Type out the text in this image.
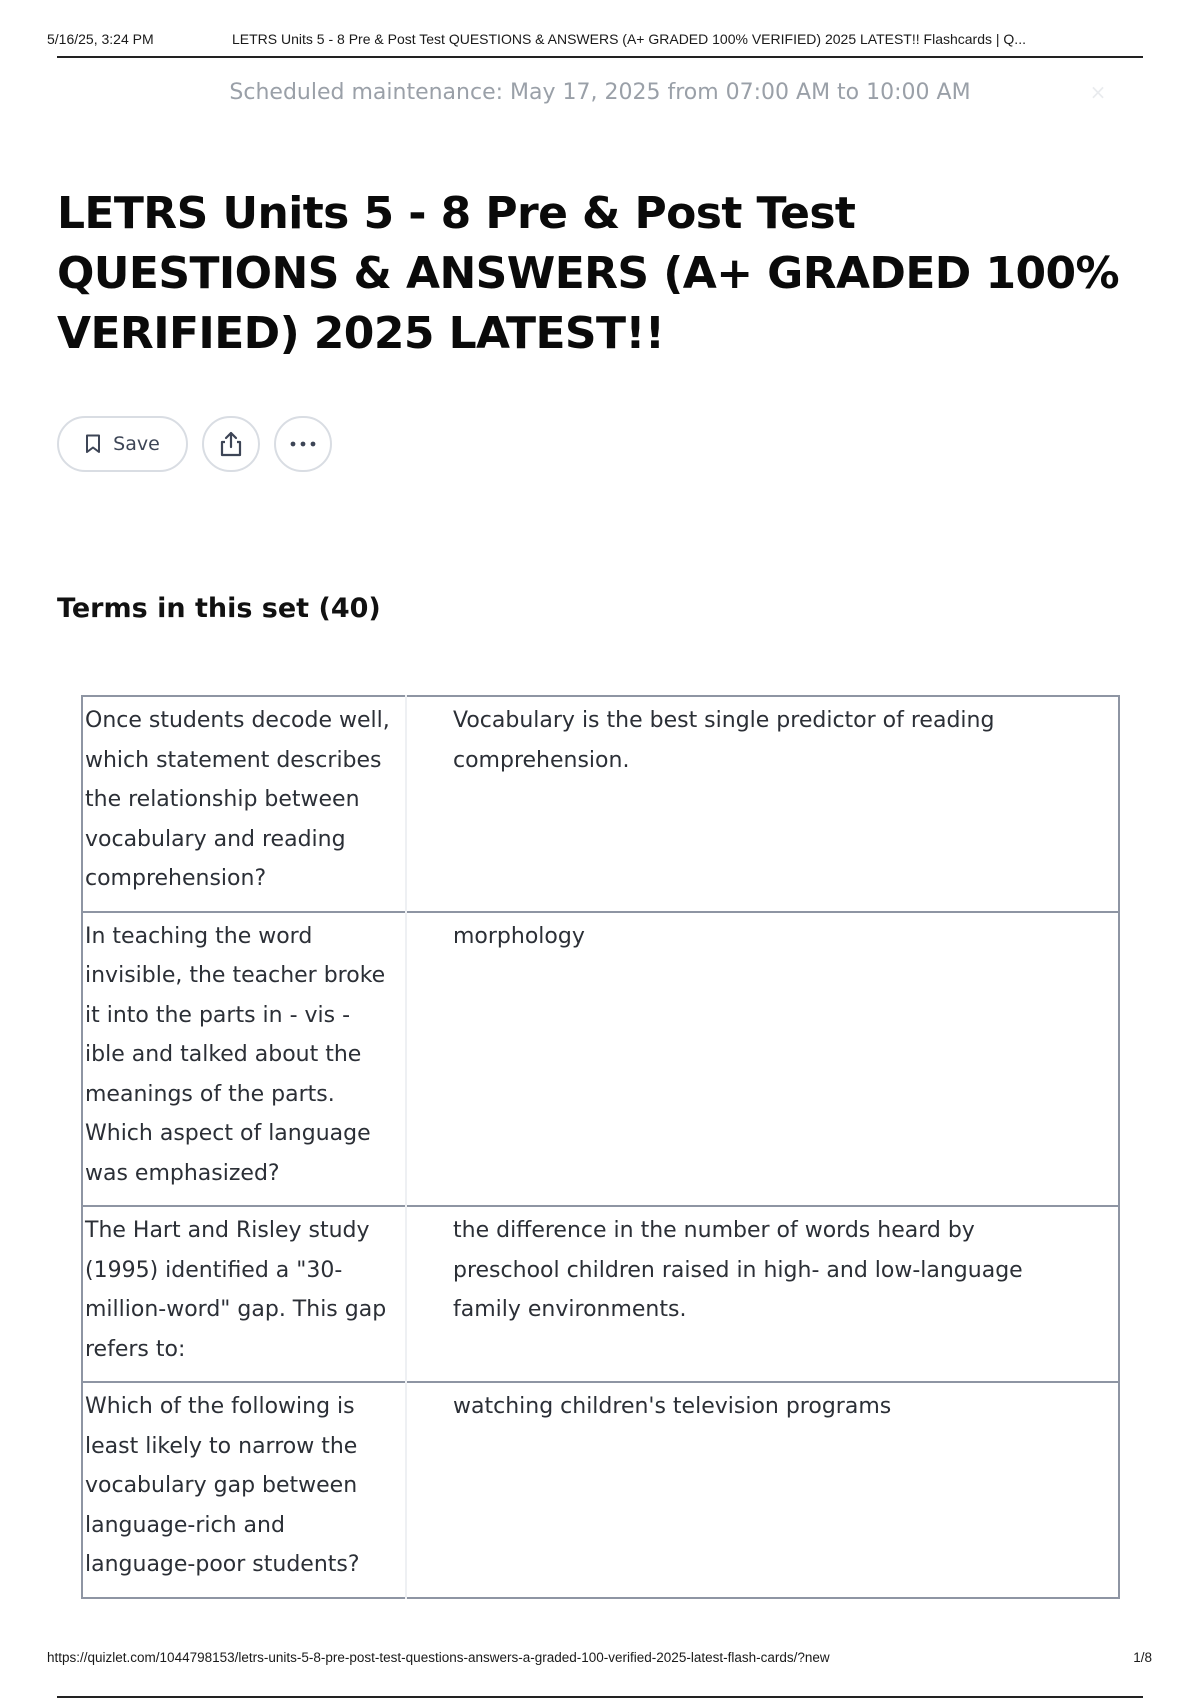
5/16/25, 3:24 PM	LETRS Units 5 - 8 Pre & Post Test QUESTIONS & ANSWERS (A+ GRADED 100% VERIFIED) 2025 LATEST!! Flashcards | Q...
Scheduled maintenance: May 17, 2025 from 07:00 AM to 10:00 AM	×
LETRS Units 5 - 8 Pre & Post Test QUESTIONS & ANSWERS (A+ GRADED 100% VERIFIED) 2025 LATEST!!
Save
Terms in this set (40)
Once students decode well, which statement describes the relationship between vocabulary and reading comprehension?	Vocabulary is the best single predictor of reading comprehension.
In teaching the word invisible, the teacher broke it into the parts in - vis - ible and talked about the meanings of the parts. Which aspect of language was emphasized?	morphology
The Hart and Risley study (1995) identified a "30-million-word" gap. This gap refers to:	the difference in the number of words heard by preschool children raised in high- and low-language family environments.
Which of the following is least likely to narrow the vocabulary gap between language-rich and language-poor students?	watching children's television programs
https://quizlet.com/1044798153/letrs-units-5-8-pre-post-test-questions-answers-a-graded-100-verified-2025-latest-flash-cards/?new	1/8
